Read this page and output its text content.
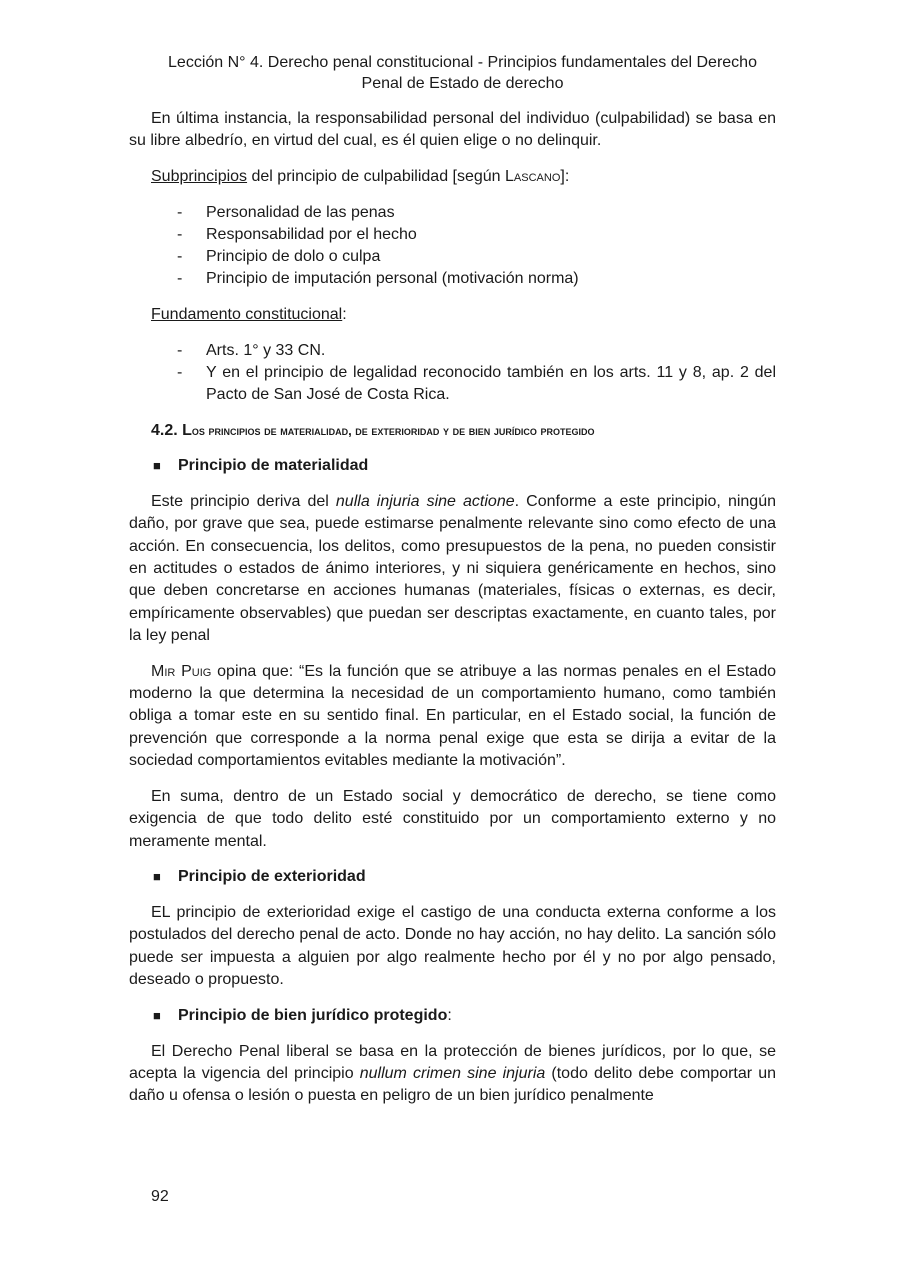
Lección N° 4. Derecho penal constitucional - Principios fundamentales del Derecho
Penal de Estado de derecho

En última instancia, la responsabilidad personal del individuo (culpabilidad) se basa en su libre albedrío, en virtud del cual, es él quien elige o no delinquir.

Subprincipios del principio de culpabilidad [según Lascano]:
- Personalidad de las penas
- Responsabilidad por el hecho
- Principio de dolo o culpa
- Principio de imputación personal (motivación norma)
Fundamento constitucional:
- Arts. 1° y 33 CN.
- Y en el principio de legalidad reconocido también en los arts. 11 y 8, ap. 2 del Pacto de San José de Costa Rica.
4.2. Los principios de materialidad, de exterioridad y de bien jurídico protegido
■ Principio de materialidad

Este principio deriva del nulla injuria sine actione. Conforme a este principio, ningún daño, por grave que sea, puede estimarse penalmente relevante sino como efecto de una acción. En consecuencia, los delitos, como presupuestos de la pena, no pueden consistir en actitudes o estados de ánimo interiores, y ni siquiera genéricamente en hechos, sino que deben concretarse en acciones humanas (materiales, físicas o externas, es decir, empíricamente observables) que puedan ser descriptas exactamente, en cuanto tales, por la ley penal

Mir Puig opina que: “Es la función que se atribuye a las normas penales en el Estado moderno la que determina la necesidad de un comportamiento humano, como también obliga a tomar este en su sentido final. En particular, en el Estado social, la función de prevención que corresponde a la norma penal exige que esta se dirija a evitar de la sociedad comportamientos evitables mediante la motivación”.

En suma, dentro de un Estado social y democrático de derecho, se tiene como exigencia de que todo delito esté constituido por un comportamiento externo y no meramente mental.

■ Principio de exterioridad

EL principio de exterioridad exige el castigo de una conducta externa conforme a los postulados del derecho penal de acto. Donde no hay acción, no hay delito. La sanción sólo puede ser impuesta a alguien por algo realmente hecho por él y no por algo pensado, deseado o propuesto.

■ Principio de bien jurídico protegido:

El Derecho Penal liberal se basa en la protección de bienes jurídicos, por lo que, se acepta la vigencia del principio nullum crimen sine injuria (todo delito debe comportar un daño u ofensa o lesión o puesta en peligro de un bien jurídico penalmente

92
